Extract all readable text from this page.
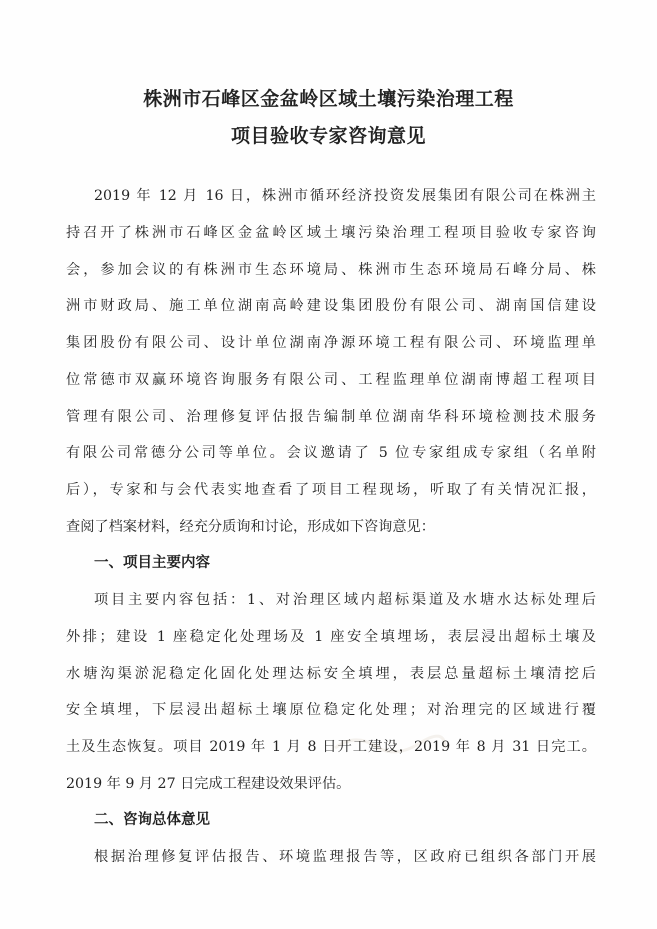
株洲市石峰区金盆岭区域土壤污染治理工程
项目验收专家咨询意见
2019 年 12 月 16 日，株洲市循环经济投资发展集团有限公司在株洲主
持召开了株洲市石峰区金盆岭区域土壤污染治理工程项目验收专家咨询
会，参加会议的有株洲市生态环境局、株洲市生态环境局石峰分局、株
洲市财政局、施工单位湖南高岭建设集团股份有限公司、湖南国信建设
集团股份有限公司、设计单位湖南净源环境工程有限公司、环境监理单
位常德市双赢环境咨询服务有限公司、工程监理单位湖南博超工程项目
管理有限公司、治理修复评估报告编制单位湖南华科环境检测技术服务
有限公司常德分公司等单位。会议邀请了 5 位专家组成专家组（名单附
后），专家和与会代表实地查看了项目工程现场，听取了有关情况汇报，
查阅了档案材料，经充分质询和讨论，形成如下咨询意见：
一、项目主要内容
项目主要内容包括：1、对治理区域内超标渠道及水塘水达标处理后
外排；建设 1 座稳定化处理场及 1 座安全填埋场，表层浸出超标土壤及
水塘沟渠淤泥稳定化固化处理达标安全填埋，表层总量超标土壤清挖后
安全填埋，下层浸出超标土壤原位稳定化处理；对治理完的区域进行覆
土及生态恢复。项目 2019 年 1 月 8 日开工建设，2019 年 8 月 31 日完工。
2019 年 9 月 27 日完成工程建设效果评估。
二、咨询总体意见
根据治理修复评估报告、环境监理报告等，区政府已组织各部门开展
